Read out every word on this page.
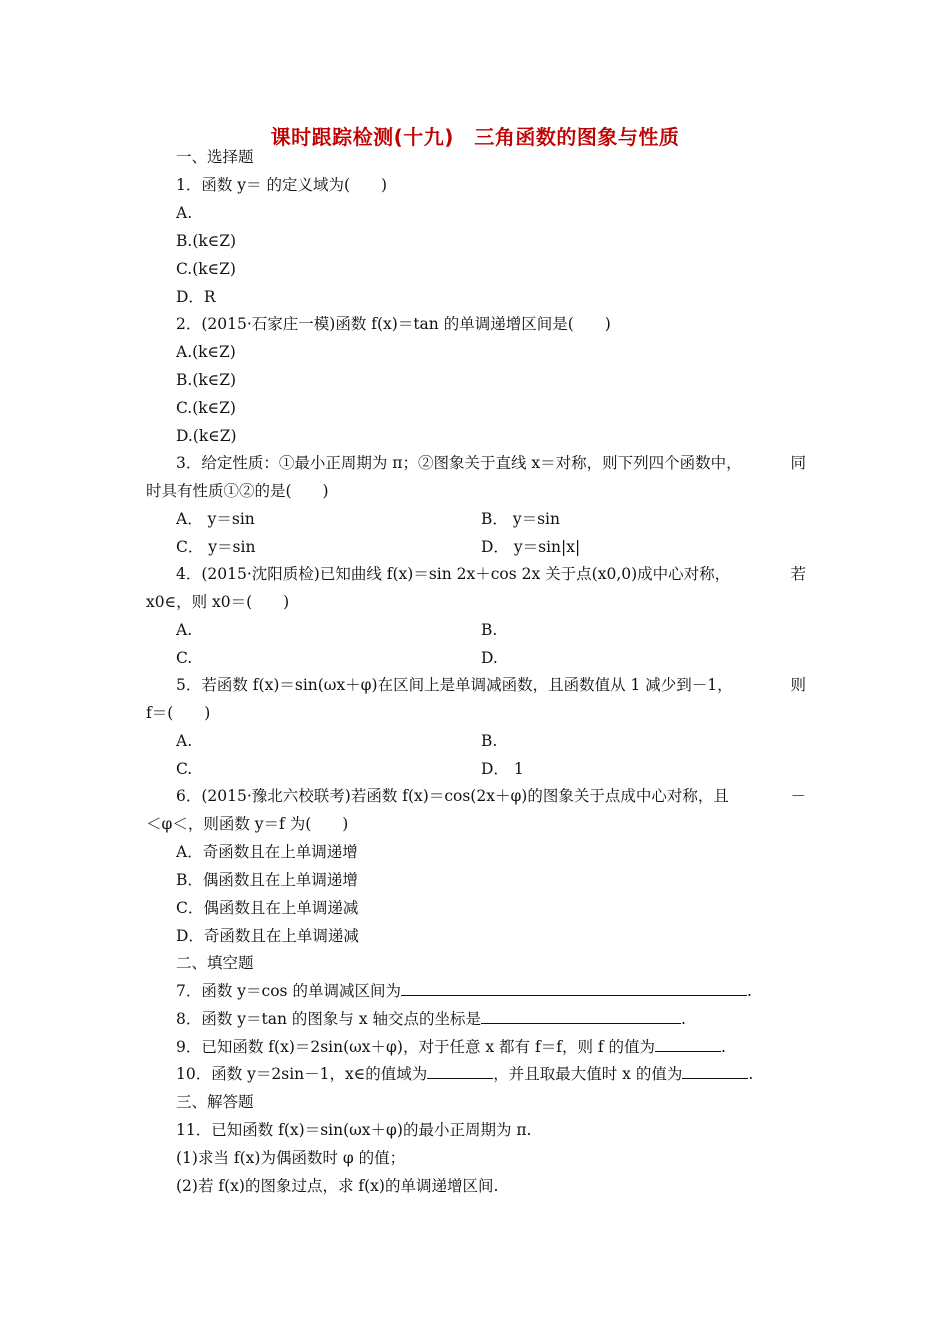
课时跟踪检测(十九)　三角函数的图象与性质
一、选择题
1．函数 y＝ 的定义域为(　　)
A.
B.(k∈Z)
C.(k∈Z)
D．R
2．(2015·石家庄一模)函数 f(x)＝tan 的单调递增区间是(　　)
A.(k∈Z)
B.(k∈Z)
C.(k∈Z)
D.(k∈Z)
3．给定性质：①最小正周期为 π；②图象关于直线 x＝对称，则下列四个函数中，	同
时具有性质①②的是(　　)
A． y＝sin	B． y＝sin
C． y＝sin	D． y＝sin|x|
4．(2015·沈阳质检)已知曲线 f(x)＝sin 2x＋cos 2x 关于点(x0,0)成中心对称，	若
x0∈，则 x0＝(　　)
A.	B.
C.	D.
5．若函数 f(x)＝sin(ωx＋φ)在区间上是单调减函数，且函数值从 1 减少到－1，	则
f＝(　　)
A.	B.
C.	D． 1
6．(2015·豫北六校联考)若函数 f(x)＝cos(2x＋φ)的图象关于点成中心对称，且	－
＜φ＜，则函数 y＝f 为(　　)
A．奇函数且在上单调递增
B．偶函数且在上单调递增
C．偶函数且在上单调递减
D．奇函数且在上单调递减
二、填空题
7．函数 y＝cos 的单调减区间为	.
8．函数 y＝tan 的图象与 x 轴交点的坐标是	.
9．已知函数 f(x)＝2sin(ωx＋φ)，对于任意 x 都有 f＝f，则 f 的值为	.
10．函数 y＝2sin－1，x∈的值域为	，并且取最大值时 x 的值为	.
三、解答题
11．已知函数 f(x)＝sin(ωx＋φ)的最小正周期为 π.
(1)求当 f(x)为偶函数时 φ 的值；
(2)若 f(x)的图象过点，求 f(x)的单调递增区间.
